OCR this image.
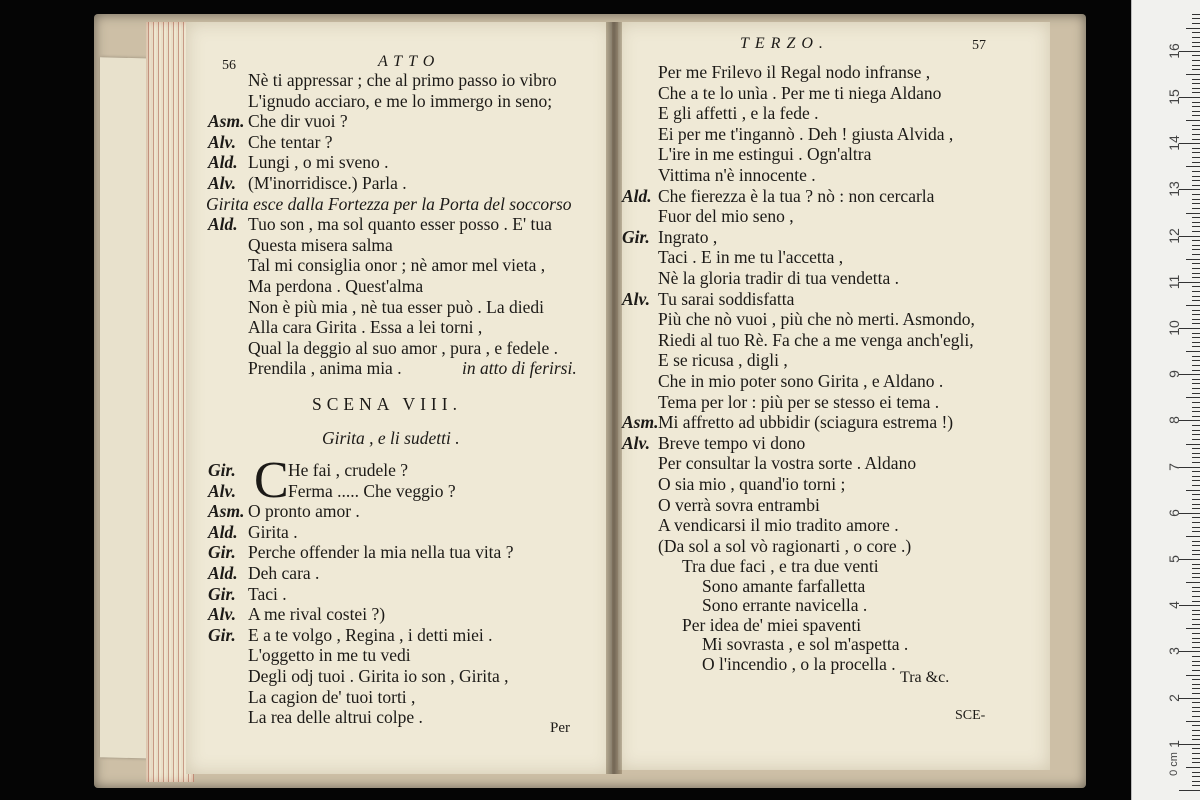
56	ATTO
Nè ti appressar ; che al primo passo io vibro
L'ignudo acciaro, e me lo immergo in seno;
Asm. Che dir vuoi ?
Alv. Che tentar ?
Ald. Lungi , o mi sveno .
Alv. (M'inorridisce.) Parla .
Girita esce dalla Fortezza per la Porta del soccorso
Ald. Tuo son , ma sol quanto esser posso . E' tua
Questa misera salma
Tal mi consiglia onor ; nè amor mel vieta ,
Ma perdona . Quest'alma
Non è più mia , nè tua esser può . La diedi
Alla cara Girita . Essa a lei torni ,
Qual la deggio al suo amor , pura , e fedele .
Prendila , anima mia .	in atto di ferirsi.
SCENA VIII.
Girita , e li sudetti .
C
Gir.	He fai , crudele ?
Alv.	Ferma ..... Che veggio ?
Asm. O pronto amor .
Ald. Girita .
Gir. Perche offender la mia nella tua vita ?
Ald. Deh cara .
Gir. Taci .
Alv. A me rival costei ?)
Gir. E a te volgo , Regina , i detti miei .
L'oggetto in me tu vedi
Degli odj tuoi . Girita io son , Girita ,
La cagion de' tuoi torti ,
La rea delle altrui colpe .
Per
TERZO.	57
Per me Frilevo il Regal nodo infranse ,
Che a te lo unìa . Per me ti niega Aldano
E gli affetti , e la fede .
Ei per me t'ingannò . Deh ! giusta Alvida ,
L'ire in me estingui . Ogn'altra
Vittima n'è innocente .
Ald. Che fierezza è la tua ? nò : non cercarla
Fuor del mio seno ,
Gir. Ingrato ,
Taci . E in me tu l'accetta ,
Nè la gloria tradir di tua vendetta .
Alv. Tu sarai soddisfatta
Più che nò vuoi , più che nò merti. Asmondo,
Riedi al tuo Rè. Fa che a me venga anch'egli,
E se ricusa , digli ,
Che in mio poter sono Girita , e Aldano .
Tema per lor : più per se stesso ei tema .
Asm. Mi affretto ad ubbidir (sciagura estrema !)
Alv. Breve tempo vi dono
Per consultar la vostra sorte . Aldano
O sia mio , quand'io torni ;
O verrà sovra entrambi
A vendicarsi il mio tradito amore .
(Da sol a sol vò ragionarti , o core .)
Tra due faci , e tra due venti
Sono amante farfalletta
Sono errante navicella .
Per idea de' miei spaventi
Mi sovrasta , e sol m'aspetta .
O l'incendio , o la procella .
Tra &c.
SCE-
16
15
14
13
12
11
10
9
8
7
6
5
4
3
2
1
0 cm
